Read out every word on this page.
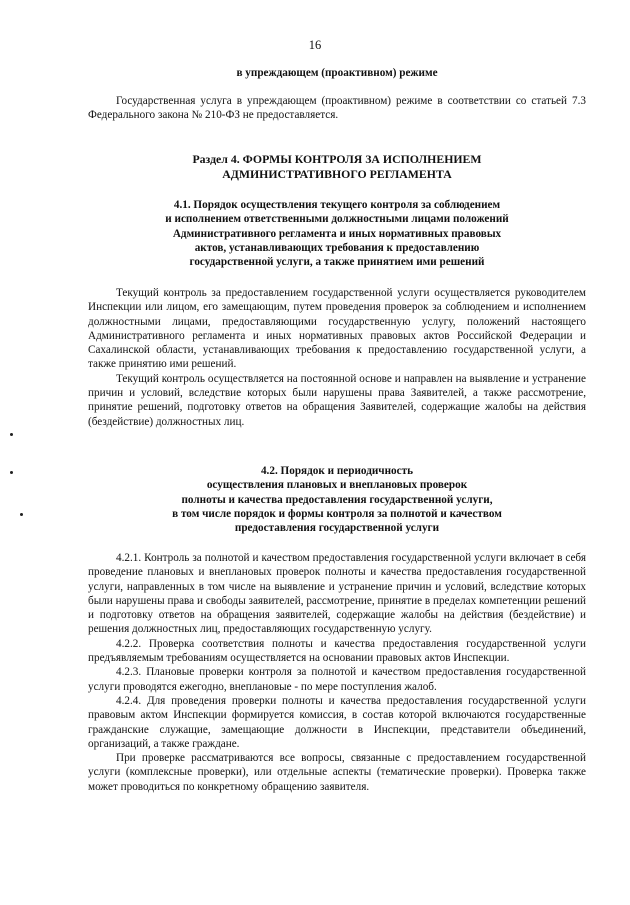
16
в упреждающем (проактивном) режиме

Государственная услуга в упреждающем (проактивном) режиме в соответствии со статьей 7.3 Федерального закона № 210-ФЗ не предоставляется.

Раздел 4. ФОРМЫ КОНТРОЛЯ ЗА ИСПОЛНЕНИЕМ
АДМИНИСТРАТИВНОГО РЕГЛАМЕНТА
4.1. Порядок осуществления текущего контроля за соблюдением
и исполнением ответственными должностными лицами положений
Административного регламента и иных нормативных правовых
актов, устанавливающих требования к предоставлению
государственной услуги, а также принятием ими решений

Текущий контроль за предоставлением государственной услуги осуществляется руководителем Инспекции или лицом, его замещающим, путем проведения проверок за соблюдением и исполнением должностными лицами, предоставляющими государственную услугу, положений настоящего Административного регламента и иных нормативных правовых актов Российской Федерации и Сахалинской области, устанавливающих требования к предоставлению государственной услуги, а также принятию ими решений.

Текущий контроль осуществляется на постоянной основе и направлен на выявление и устранение причин и условий, вследствие которых были нарушены права Заявителей, а также рассмотрение, принятие решений, подготовку ответов на обращения Заявителей, содержащие жалобы на действия (бездействие) должностных лиц.

4.2. Порядок и периодичность
осуществления плановых и внеплановых проверок
полноты и качества предоставления государственной услуги,
в том числе порядок и формы контроля за полнотой и качеством
предоставления государственной услуги

4.2.1. Контроль за полнотой и качеством предоставления государственной услуги включает в себя проведение плановых и внеплановых проверок полноты и качества предоставления государственной услуги, направленных в том числе на выявление и устранение причин и условий, вследствие которых были нарушены права и свободы заявителей, рассмотрение, принятие в пределах компетенции решений и подготовку ответов на обращения заявителей, содержащие жалобы на действия (бездействие) и решения должностных лиц, предоставляющих государственную услугу.

4.2.2. Проверка соответствия полноты и качества предоставления государственной услуги предъявляемым требованиям осуществляется на основании правовых актов Инспекции.

4.2.3. Плановые проверки контроля за полнотой и качеством предоставления государственной услуги проводятся ежегодно, внеплановые - по мере поступления жалоб.

4.2.4. Для проведения проверки полноты и качества предоставления государственной услуги правовым актом Инспекции формируется комиссия, в состав которой включаются государственные гражданские служащие, замещающие должности в Инспекции, представители объединений, организаций, а также граждане.

При проверке рассматриваются все вопросы, связанные с предоставлением государственной услуги (комплексные проверки), или отдельные аспекты (тематические проверки). Проверка также может проводиться по конкретному обращению заявителя.
